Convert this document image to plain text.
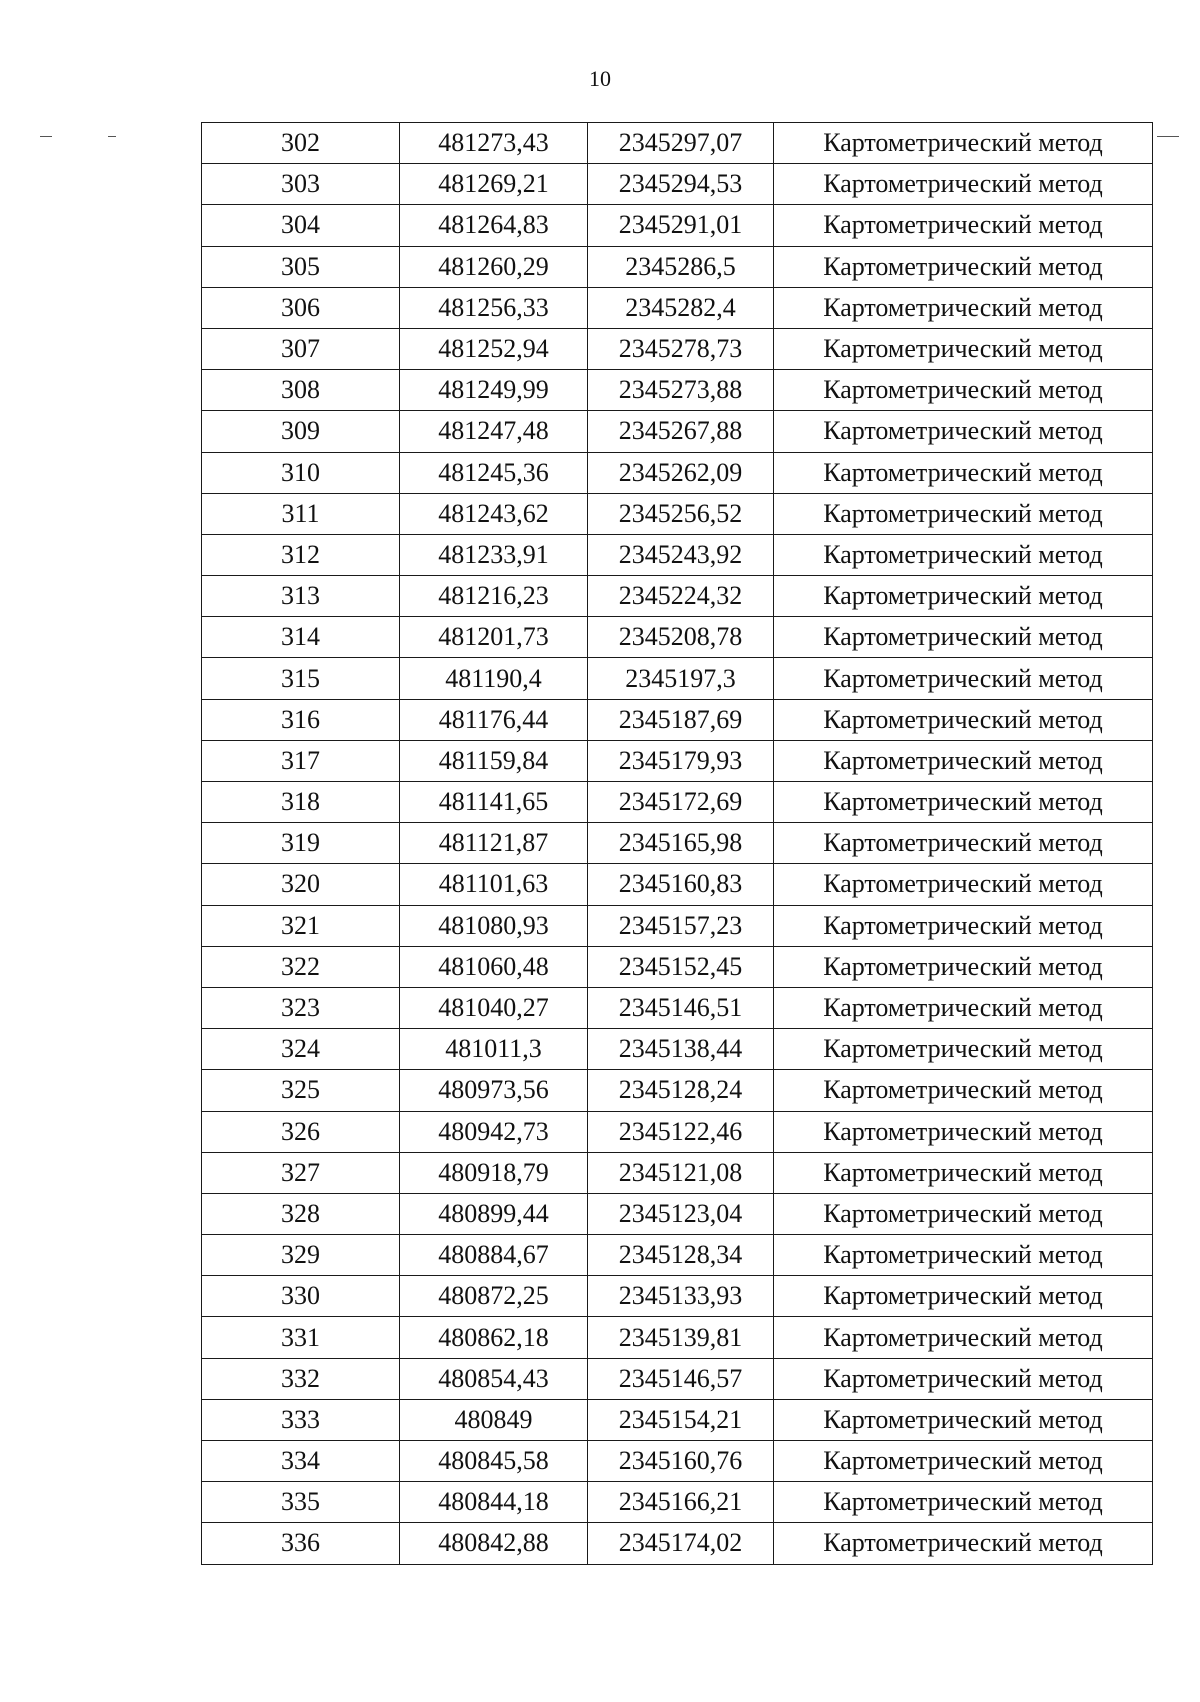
10
302	481273,43	2345297,07	Картометрический метод
303	481269,21	2345294,53	Картометрический метод
304	481264,83	2345291,01	Картометрический метод
305	481260,29	2345286,5	Картометрический метод
306	481256,33	2345282,4	Картометрический метод
307	481252,94	2345278,73	Картометрический метод
308	481249,99	2345273,88	Картометрический метод
309	481247,48	2345267,88	Картометрический метод
310	481245,36	2345262,09	Картометрический метод
311	481243,62	2345256,52	Картометрический метод
312	481233,91	2345243,92	Картометрический метод
313	481216,23	2345224,32	Картометрический метод
314	481201,73	2345208,78	Картометрический метод
315	481190,4	2345197,3	Картометрический метод
316	481176,44	2345187,69	Картометрический метод
317	481159,84	2345179,93	Картометрический метод
318	481141,65	2345172,69	Картометрический метод
319	481121,87	2345165,98	Картометрический метод
320	481101,63	2345160,83	Картометрический метод
321	481080,93	2345157,23	Картометрический метод
322	481060,48	2345152,45	Картометрический метод
323	481040,27	2345146,51	Картометрический метод
324	481011,3	2345138,44	Картометрический метод
325	480973,56	2345128,24	Картометрический метод
326	480942,73	2345122,46	Картометрический метод
327	480918,79	2345121,08	Картометрический метод
328	480899,44	2345123,04	Картометрический метод
329	480884,67	2345128,34	Картометрический метод
330	480872,25	2345133,93	Картометрический метод
331	480862,18	2345139,81	Картометрический метод
332	480854,43	2345146,57	Картометрический метод
333	480849	2345154,21	Картометрический метод
334	480845,58	2345160,76	Картометрический метод
335	480844,18	2345166,21	Картометрический метод
336	480842,88	2345174,02	Картометрический метод
